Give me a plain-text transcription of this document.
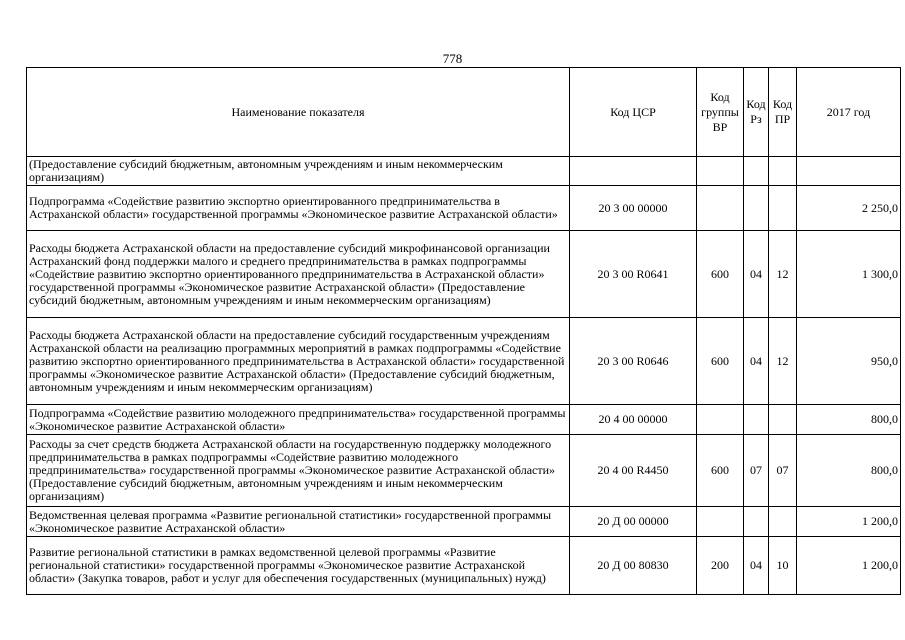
778
Наименование показателя	Код ЦСР	Код группы ВР	Код Рз	Код ПР	2017 год
(Предоставление субсидий бюджетным, автономным учреждениям и иным некоммерческим организациям)					
Подпрограмма «Содействие развитию экспортно ориентированного предпринимательства в Астраханской области» государственной программы «Экономическое развитие Астраханской области»	20 3 00 00000				2 250,0
Расходы бюджета Астраханской области на предоставление субсидий микрофинансовой организации Астраханский фонд поддержки малого и среднего предпринимательства в рамках подпрограммы «Содействие развитию экспортно ориентированного предпринимательства в Астраханской области» государственной программы «Экономическое развитие Астраханской области» (Предоставление субсидий бюджетным, автономным учреждениям и иным некоммерческим организациям)	20 3 00 R0641	600	04	12	1 300,0
Расходы бюджета Астраханской области на предоставление субсидий государственным учреждениям Астраханской области на реализацию программных мероприятий в рамках подпрограммы «Содействие развитию экспортно ориентированного предпринимательства в Астраханской области» государственной программы «Экономическое развитие Астраханской области» (Предоставление субсидий бюджетным, автономным учреждениям и иным некоммерческим организациям)	20 3 00 R0646	600	04	12	950,0
Подпрограмма «Содействие развитию молодежного предпринимательства» государственной программы «Экономическое развитие Астраханской области»	20 4 00 00000				800,0
Расходы за счет средств бюджета Астраханской области на государственную поддержку молодежного предпринимательства в рамках подпрограммы «Содействие развитию молодежного предпринимательства» государственной программы «Экономическое развитие Астраханской области» (Предоставление субсидий бюджетным, автономным учреждениям и иным некоммерческим организациям)	20 4 00 R4450	600	07	07	800,0
Ведомственная целевая программа «Развитие региональной статистики» государственной программы «Экономическое развитие Астраханской области»	20 Д 00 00000				1 200,0
Развитие региональной статистики в рамках ведомственной целевой программы «Развитие региональной статистики» государственной программы «Экономическое развитие Астраханской области» (Закупка товаров, работ и услуг для обеспечения государственных (муниципальных) нужд)	20 Д 00 80830	200	04	10	1 200,0
